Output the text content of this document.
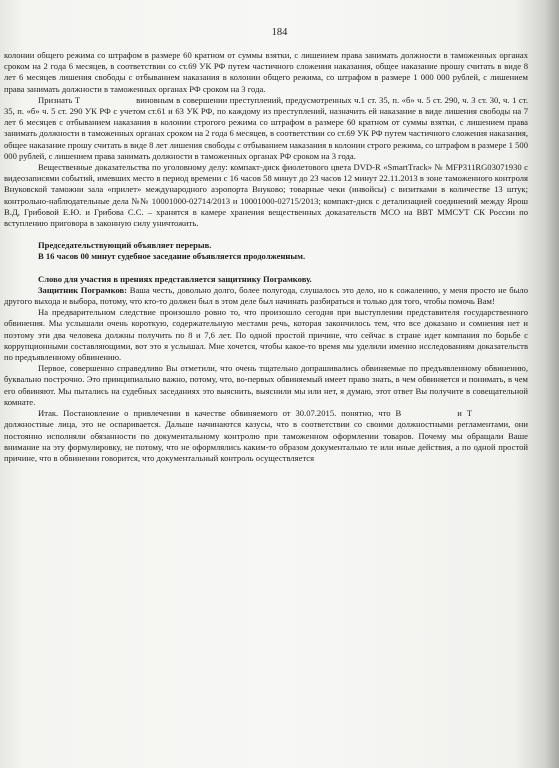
184

колонии общего режима со штрафом в размере 60 кратном от суммы взятки, с лишением права занимать должности в таможенных органах сроком на 2 года 6 месяцев, в соответствии со ст.69 УК РФ путем частичного сложения наказания, общее наказание прошу считать в виде 8 лет 6 месяцев лишения свободы с отбыванием наказания в колонии общего режима, со штрафом в размере 1 000 000 рублей, с лишением права занимать должности в таможенных органах РФ сроком на 3 года.

Признать Т	виновным в совершении преступлений, предусмотренных ч.1 ст. 35, п. «б» ч. 5 ст. 290, ч. 3 ст. 30, ч. 1 ст. 35, п. «б» ч. 5 ст. 290 УК РФ с учетом ст.61 и 63 УК РФ, по каждому из преступлений, назначить ей наказание в виде лишения свободы на 7 лет 6 месяцев с отбыванием наказания в колонии строгого режима со штрафом в размере 60 кратном от суммы взятки, с лишением права занимать должности в таможенных органах сроком на 2 года 6 месяцев, в соответствии со ст.69 УК РФ путем частичного сложения наказания, общее наказание прошу считать в виде 8 лет лишения свободы с отбыванием наказания в колонии строго режима, со штрафом в размере 1 500 000 рублей, с лишением права занимать должности в таможенных органах РФ сроком на 3 года.

Вещественные доказательства по уголовному делу: компакт-диск фиолетового цвета DVD-R «SmartTrack» № MFP311RG03071930 с видеозаписями событий, имевших место в период времени с 16 часов 58 минут до 23 часов 12 минут 22.11.2013 в зоне таможенного контроля Внуковской таможни зала «прилет» международного аэропорта Внуково; товарные чеки (инвойсы) с визитками в количестве 13 штук; контрольно-наблюдательные дела №№ 10001000-02714/2013 и 10001000-02715/2013; компакт-диск с детализацией соединений между Ярош В.Д, Грибовой Е.Ю. и Грибова С.С. – хранятся в камере хранения вещественных доказательств МСО на ВВТ ММСУТ СК России по вступлению приговора в законную силу уничтожить.

Председательствующий объявляет перерыв.

В 16 часов 00 минут судебное заседание объявляется продолженным.

Слово для участия в прениях представляется защитнику Пограмкову.

Защитник Пограмков: Ваша честь, довольно долго, более полугода, слушалось это дело, но к сожалению, у меня просто не было другого выхода и выбора, потому, что кто-то должен был в этом деле был начинать разбираться и только для того, чтобы помочь Вам!

На предварительном следствие произошло ровно то, что произошло сегодня при выступлении представителя государственного обвинения. Мы услышали очень короткую, содержательную местами речь, которая закончилось тем, что все доказано и сомнения нет и поэтому эти два человека должны получить по 8 и 7,6 лет. По одной простой причине, что сейчас в стране идет компания по борьбе с коррупционными составляющими, вот это я услышал. Мне хочется, чтобы какое-то время мы уделили именно исследованиям доказательств по предъявленному обвинению.

Первое, совершенно справедливо Вы отметили, что очень тщательно допрашивались обвиняемые по предъявленному обвинению, буквально построчно. Это принципиально важно, потому, что, во-первых обвиняемый имеет право знать, в чем обвиняется и понимать, в чем его обвиняют. Мы пытались на судебных заседаниях это выяснить, выяснили мы или нет, я думаю, этот ответ Вы получите в совещательной комнате.

Итак. Постановление о привлечении в качестве обвиняемого от 30.07.2015. понятно, что В	и Тдолжностные лица, это не оспаривается. Дальше начинаются казусы, что в соответствии со своими должностными регламентами, они постоянно исполняли обязанности по документальному контролю при таможенном оформлении товаров. Почему мы обращали Ваше внимание на эту формулировку, не потому, что не оформлялись каким-то образом документально те или иные действия, а по одной простой причине, что в обвинении говорится, что документальный контроль осуществляется
